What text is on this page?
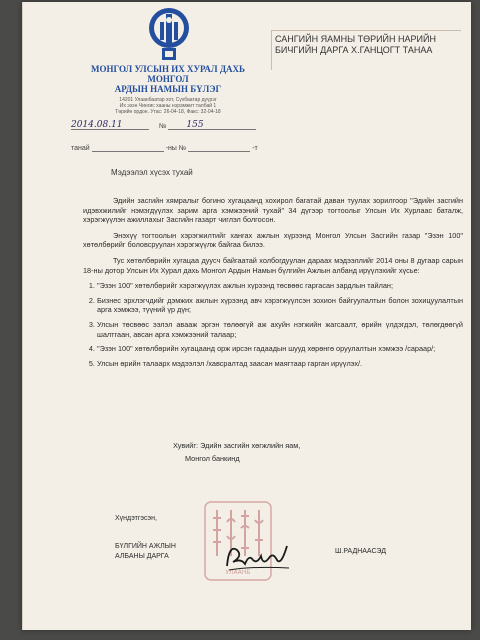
МОНГОЛ УЛСЫН ИХ ХУРАЛ ДАХЬ
МОНГОЛ
АРДЫН НАМЫН БҮЛЭГ
14201 Улаанбаатар хот, Сүхбаатар дүүрэг
Их эзэн Чингис хааны нэрэмжит талбай 1
Төрийн ордон. Утас: 26-04-18, Факс: 32-04-18
САНГИЙН ЯАМНЫ ТӨРИЙН НАРИЙН
БИЧГИЙН ДАРГА Х.ГАНЦОГТ ТАНАА
2014.08.11	№ 155
танай	-ны №	-т
Мэдээлэл хүсэх тухай

Эдийн засгийн хямралыг богино хугацаанд хохирол багатай даван туулах зорилгоор "Эдийн засгийн идэвхжилийг нэмэгдүүлэх зарим арга хэмжээний тухай" 34 дүгээр тогтоолыг Улсын Их Хурлаас баталж, хэрэгжүүлэн ажиллахыг Засгийн газарт чиглэл болгосон.

Энэхүү тогтоолын хэрэгжилтийг хангах ажлын хүрээнд Монгол Улсын Засгийн газар "Эзэн 100" хөтөлбөрийг боловсруулан хэрэгжүүлж байгаа билээ.

Тус хөтөлбөрийн хугацаа дууcч байгаатай холбогдуулан дараах мэдээллийг 2014 оны 8 дугаар сарын 18-ны дотор Улсын Их Хурал дахь Монгол Ардын Намын бүлгийн Ажлын албанд ирүүлэхийг хүсье:

1. "Эзэн 100" хөтөлбөрийг хэрэгжүүлэх ажлын хүрээнд төсвөөс гаргасан зардлын тайлан;
2. Бизнес эрхлэгчдийг дэмжих ажлын хүрээнд авч хэрэгжүүлсэн зохион байгуулалтын болон зохицуулалтын арга хэмжээ, түүний үр дүн;
3. Улсын төсвөөс ээлэл авааж эргэн төлөөгүй аж ахуйн нэгжийн жагсаалт, өрийн үлдэгдэл, төлөгдөөгүй шалтгаан, авсан арга хэмжээний талаар;
4. "Эзэн 100" хөтөлбөрийн хугацаанд орж ирсэн гадаадын шууд хөрөнгө оруулалтын хэмжээ /сараар/;
5. Улсын өрийн талаарх мэдээлэл /хавсралтад заасан маягтаар гарган ирүүлэх/.
Хувийг: Эдийн засгийн хөгжлийн яам,
Монгол банкинд
Хүндэтгэсэн,
БҮЛГИЙН АЖЛЫН
АЛБАНЫ ДАРГА
Ш.РАДНААСЭД
УЛААНБ
